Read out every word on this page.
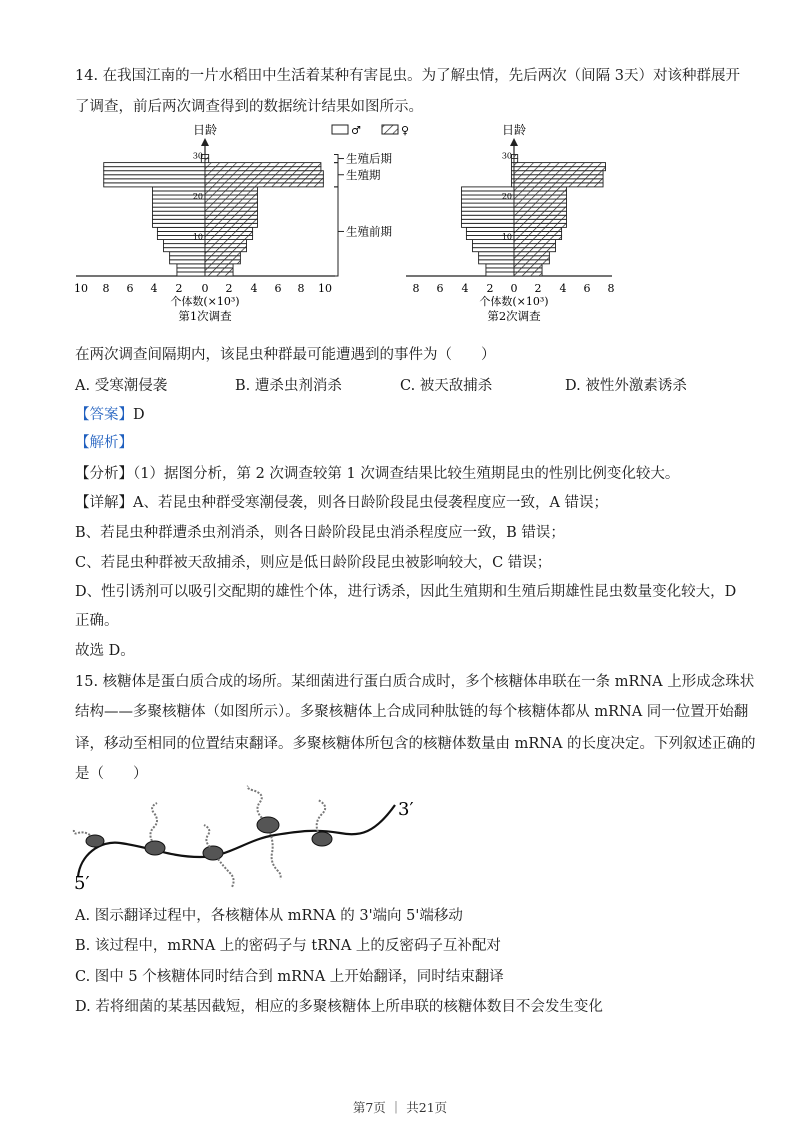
14. 在我国江南的一片水稻田中生活着某种有害昆虫。为了解虫情，先后两次（间隔 3天）对该种群展开
了调查，前后两次调查得到的数据统计结果如图所示。
日龄
30
20
10
10 8 6 4 2 0 2 4 6 8 10
个体数(×10³)
第1次调查
♂	♀
生殖后期
生殖期
生殖前期
日龄
30
20
10
8 6 4 2 0 2 4 6 8
个体数(×10³)
第2次调查
在两次调查间隔期内，该昆虫种群最可能遭遇到的事件为（　　）
A. 受寒潮侵袭	B. 遭杀虫剂消杀	C. 被天敌捕杀	D. 被性外激素诱杀
【答案】D
【解析】
【分析】（1）据图分析，第 2 次调查较第 1 次调查结果比较生殖期昆虫的性别比例变化较大。
【详解】A、若昆虫种群受寒潮侵袭，则各日龄阶段昆虫侵袭程度应一致，A 错误；
B、若昆虫种群遭杀虫剂消杀，则各日龄阶段昆虫消杀程度应一致，B 错误；
C、若昆虫种群被天敌捕杀，则应是低日龄阶段昆虫被影响较大，C 错误；
D、性引诱剂可以吸引交配期的雄性个体，进行诱杀，因此生殖期和生殖后期雄性昆虫数量变化较大，D
正确。
故选 D。
15. 核糖体是蛋白质合成的场所。某细菌进行蛋白质合成时，多个核糖体串联在一条 mRNA 上形成念珠状
结构——多聚核糖体（如图所示）。多聚核糖体上合成同种肽链的每个核糖体都从 mRNA 同一位置开始翻
译，移动至相同的位置结束翻译。多聚核糖体所包含的核糖体数量由 mRNA 的长度决定。下列叙述正确的
是（　　）
3′
5′
A. 图示翻译过程中，各核糖体从 mRNA 的 3'端向 5'端移动
B. 该过程中，mRNA 上的密码子与 tRNA 上的反密码子互补配对
C. 图中 5 个核糖体同时结合到 mRNA 上开始翻译，同时结束翻译
D. 若将细菌的某基因截短，相应的多聚核糖体上所串联的核糖体数目不会发生变化
第7页 ｜ 共21页
